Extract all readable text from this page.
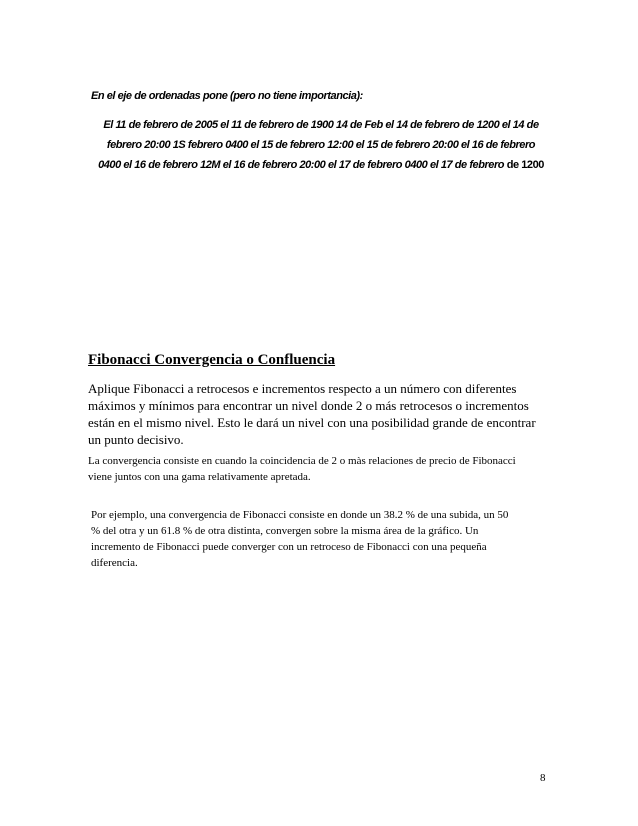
En el eje de ordenadas pone (pero no tiene importancia):
El 11 de febrero de 2005 el 11 de febrero de 1900 14 de Feb el 14 de febrero de 1200 el 14 de
febrero 20:00 1S febrero 0400 el 15 de febrero 12:00 el 15 de febrero 20:00 el 16 de febrero
0400 el 16 de febrero 12M el 16 de febrero 20:00 el 17 de febrero 0400 el 17 de febrero de 1200
Fibonacci Convergencia o Confluencia
Aplique Fibonacci a retrocesos e incrementos respecto a un número con diferentes
máximos y mínimos para encontrar un nivel donde 2 o más retrocesos o incrementos
están en el mismo nivel. Esto le dará un nivel con una posibilidad grande de encontrar
un punto decisivo.
La convergencia consiste en cuando la coincidencia de 2 o màs relaciones de precio de Fibonacci
viene juntos con una gama relativamente apretada.
Por ejemplo, una convergencia de Fibonacci consiste en donde un 38.2 % de una subida, un 50
% del otra y un 61.8 % de otra distinta, convergen sobre la misma área de la gráfico. Un
incremento de Fibonacci puede converger con un retroceso de Fibonacci con una pequeña
diferencia.
8
